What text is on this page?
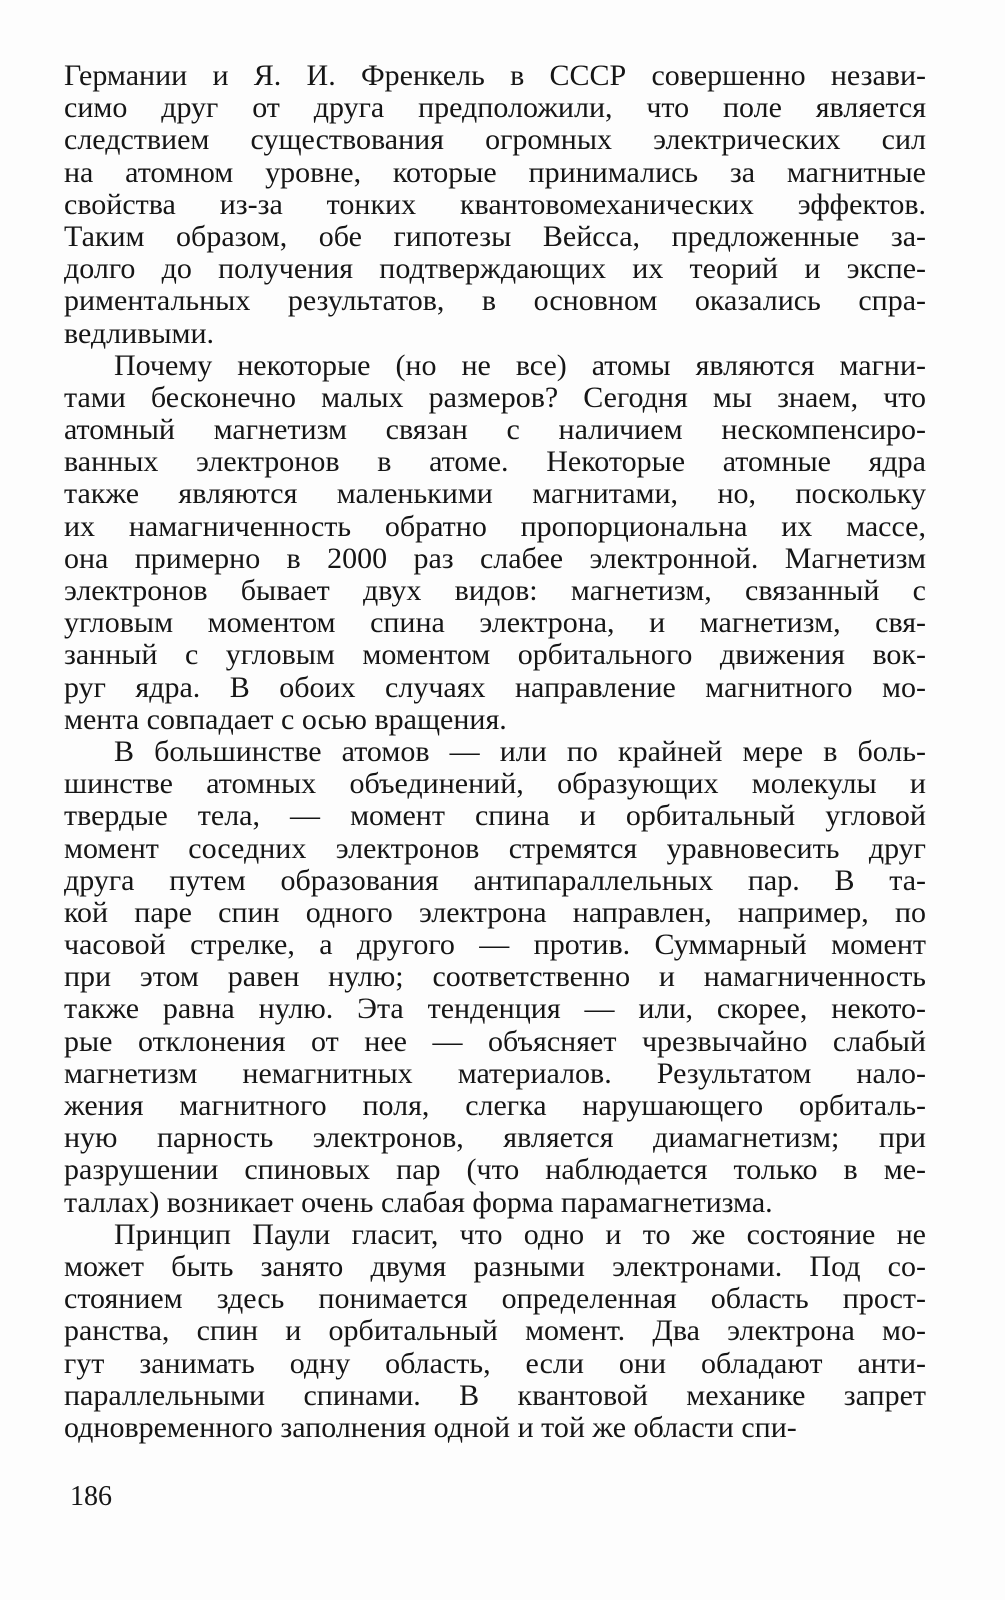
Германии и Я. И. Френкель в СССР совершенно незави-
симо друг от друга предположили, что поле является
следствием существования огромных электрических сил
на атомном уровне, которые принимались за магнитные
свойства из-за тонких квантовомеханических эффектов.
Таким образом, обе гипотезы Вейсса, предложенные за-
долго до получения подтверждающих их теорий и экспе-
риментальных результатов, в основном оказались спра-
ведливыми.
Почему некоторые (но не все) атомы являются магни-
тами бесконечно малых размеров? Сегодня мы знаем, что
атомный магнетизм связан с наличием нескомпенсиро-
ванных электронов в атоме. Некоторые атомные ядра
также являются маленькими магнитами, но, поскольку
их намагниченность обратно пропорциональна их массе,
она примерно в 2000 раз слабее электронной. Магнетизм
электронов бывает двух видов: магнетизм, связанный с
угловым моментом спина электрона, и магнетизм, свя-
занный с угловым моментом орбитального движения вок-
руг ядра. В обоих случаях направление магнитного мо-
мента совпадает с осью вращения.
В большинстве атомов — или по крайней мере в боль-
шинстве атомных объединений, образующих молекулы и
твердые тела, — момент спина и орбитальный угловой
момент соседних электронов стремятся уравновесить друг
друга путем образования антипараллельных пар. В та-
кой паре спин одного электрона направлен, например, по
часовой стрелке, а другого — против. Суммарный момент
при этом равен нулю; соответственно и намагниченность
также равна нулю. Эта тенденция — или, скорее, некото-
рые отклонения от нее — объясняет чрезвычайно слабый
магнетизм немагнитных материалов. Результатом нало-
жения магнитного поля, слегка нарушающего орбиталь-
ную парность электронов, является диамагнетизм; при
разрушении спиновых пар (что наблюдается только в ме-
таллах) возникает очень слабая форма парамагнетизма.
Принцип Паули гласит, что одно и то же состояние не
может быть занято двумя разными электронами. Под со-
стоянием здесь понимается определенная область прост-
ранства, спин и орбитальный момент. Два электрона мо-
гут занимать одну область, если они обладают анти-
параллельными спинами. В квантовой механике запрет
одновременного заполнения одной и той же области спи-
186
